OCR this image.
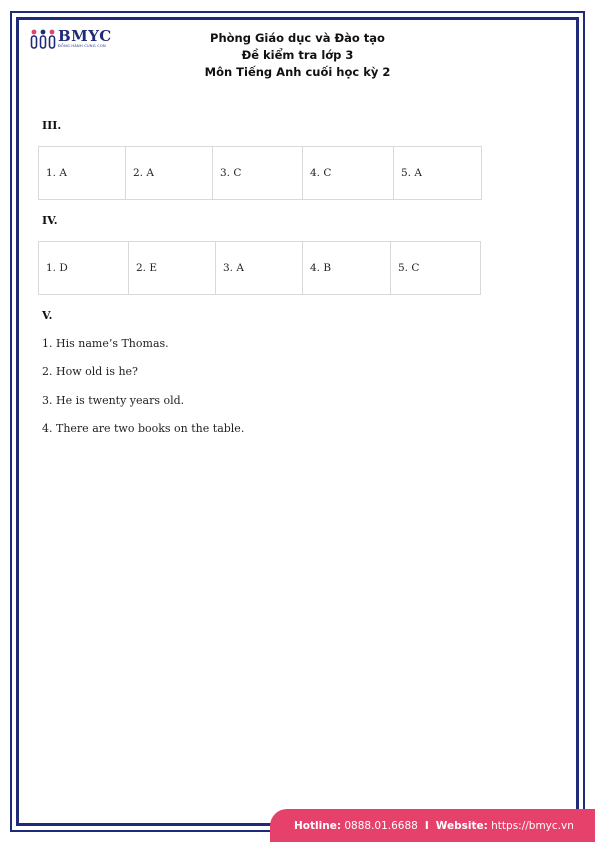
BMYC
ĐỒNG HÀNH CÙNG CON
Phòng Giáo dục và Đào tạo
Đề kiểm tra lớp 3
Môn Tiếng Anh cuối học kỳ 2
III.
1. A	2. A	3. C	4. C	5. A
IV.
1. D	2. E	3. A	4. B	5. C
V.
1. His name’s Thomas.
2. How old is he?
3. He is twenty years old.
4. There are two books on the table.
Hotline:
0888.01.6688 I Website:
https://bmyc.vn
